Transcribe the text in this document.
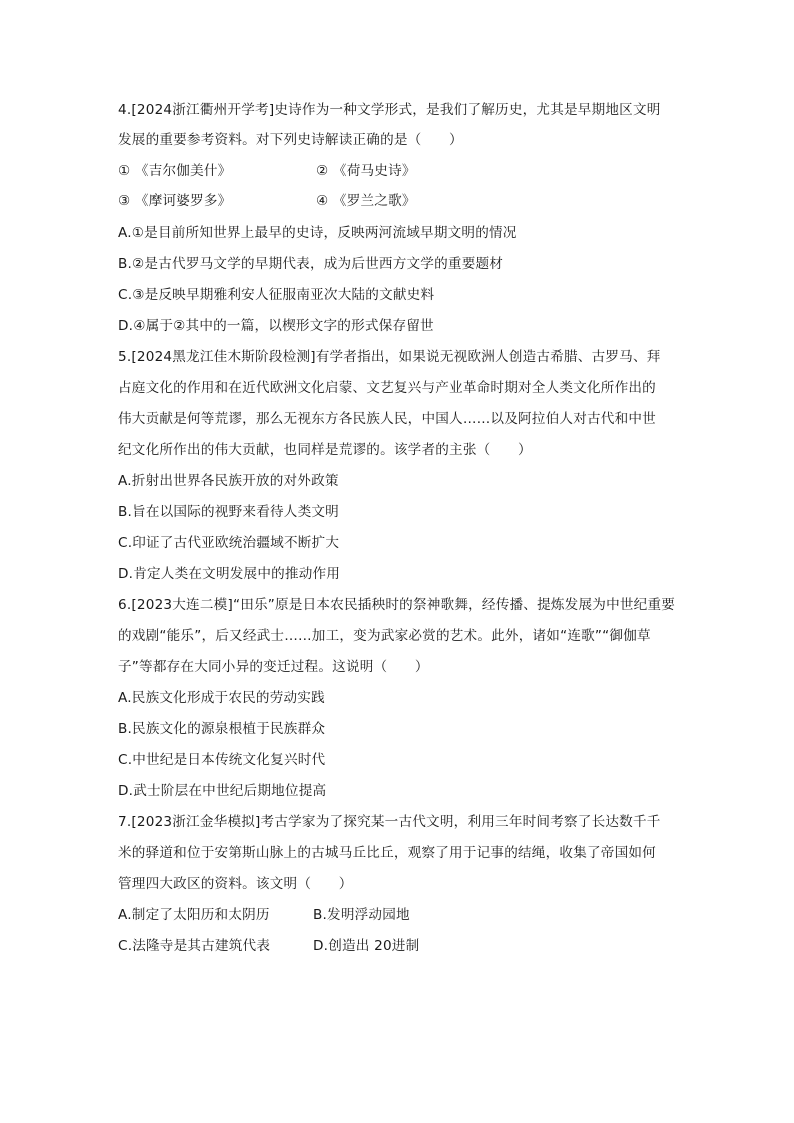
4.[2024浙江衢州开学考]史诗作为一种文学形式，是我们了解历史，尤其是早期地区文明
发展的重要参考资料。对下列史诗解读正确的是（　　）
① 《吉尔伽美什》	② 《荷马史诗》
③ 《摩诃婆罗多》	④ 《罗兰之歌》
A.①是目前所知世界上最早的史诗，反映两河流域早期文明的情况
B.②是古代罗马文学的早期代表，成为后世西方文学的重要题材
C.③是反映早期雅利安人征服南亚次大陆的文献史料
D.④属于②其中的一篇，以楔形文字的形式保存留世
5.[2024黑龙江佳木斯阶段检测]有学者指出，如果说无视欧洲人创造古希腊、古罗马、拜
占庭文化的作用和在近代欧洲文化启蒙、文艺复兴与产业革命时期对全人类文化所作出的
伟大贡献是何等荒谬，那么无视东方各民族人民，中国人……以及阿拉伯人对古代和中世
纪文化所作出的伟大贡献，也同样是荒谬的。该学者的主张（　　）
A.折射出世界各民族开放的对外政策
B.旨在以国际的视野来看待人类文明
C.印证了古代亚欧统治疆域不断扩大
D.肯定人类在文明发展中的推动作用
6.[2023大连二模]“田乐”原是日本农民插秧时的祭神歌舞，经传播、提炼发展为中世纪重要
的戏剧“能乐”，后又经武士……加工，变为武家必赏的艺术。此外，诸如“连歌”“御伽草
子”等都存在大同小异的变迁过程。这说明（　　）
A.民族文化形成于农民的劳动实践
B.民族文化的源泉根植于民族群众
C.中世纪是日本传统文化复兴时代
D.武士阶层在中世纪后期地位提高
7.[2023浙江金华模拟]考古学家为了探究某一古代文明，利用三年时间考察了长达数千千
米的驿道和位于安第斯山脉上的古城马丘比丘，观察了用于记事的结绳，收集了帝国如何
管理四大政区的资料。该文明（　　）
A.制定了太阳历和太阴历	B.发明浮动园地
C.法隆寺是其古建筑代表	D.创造出 20进制
